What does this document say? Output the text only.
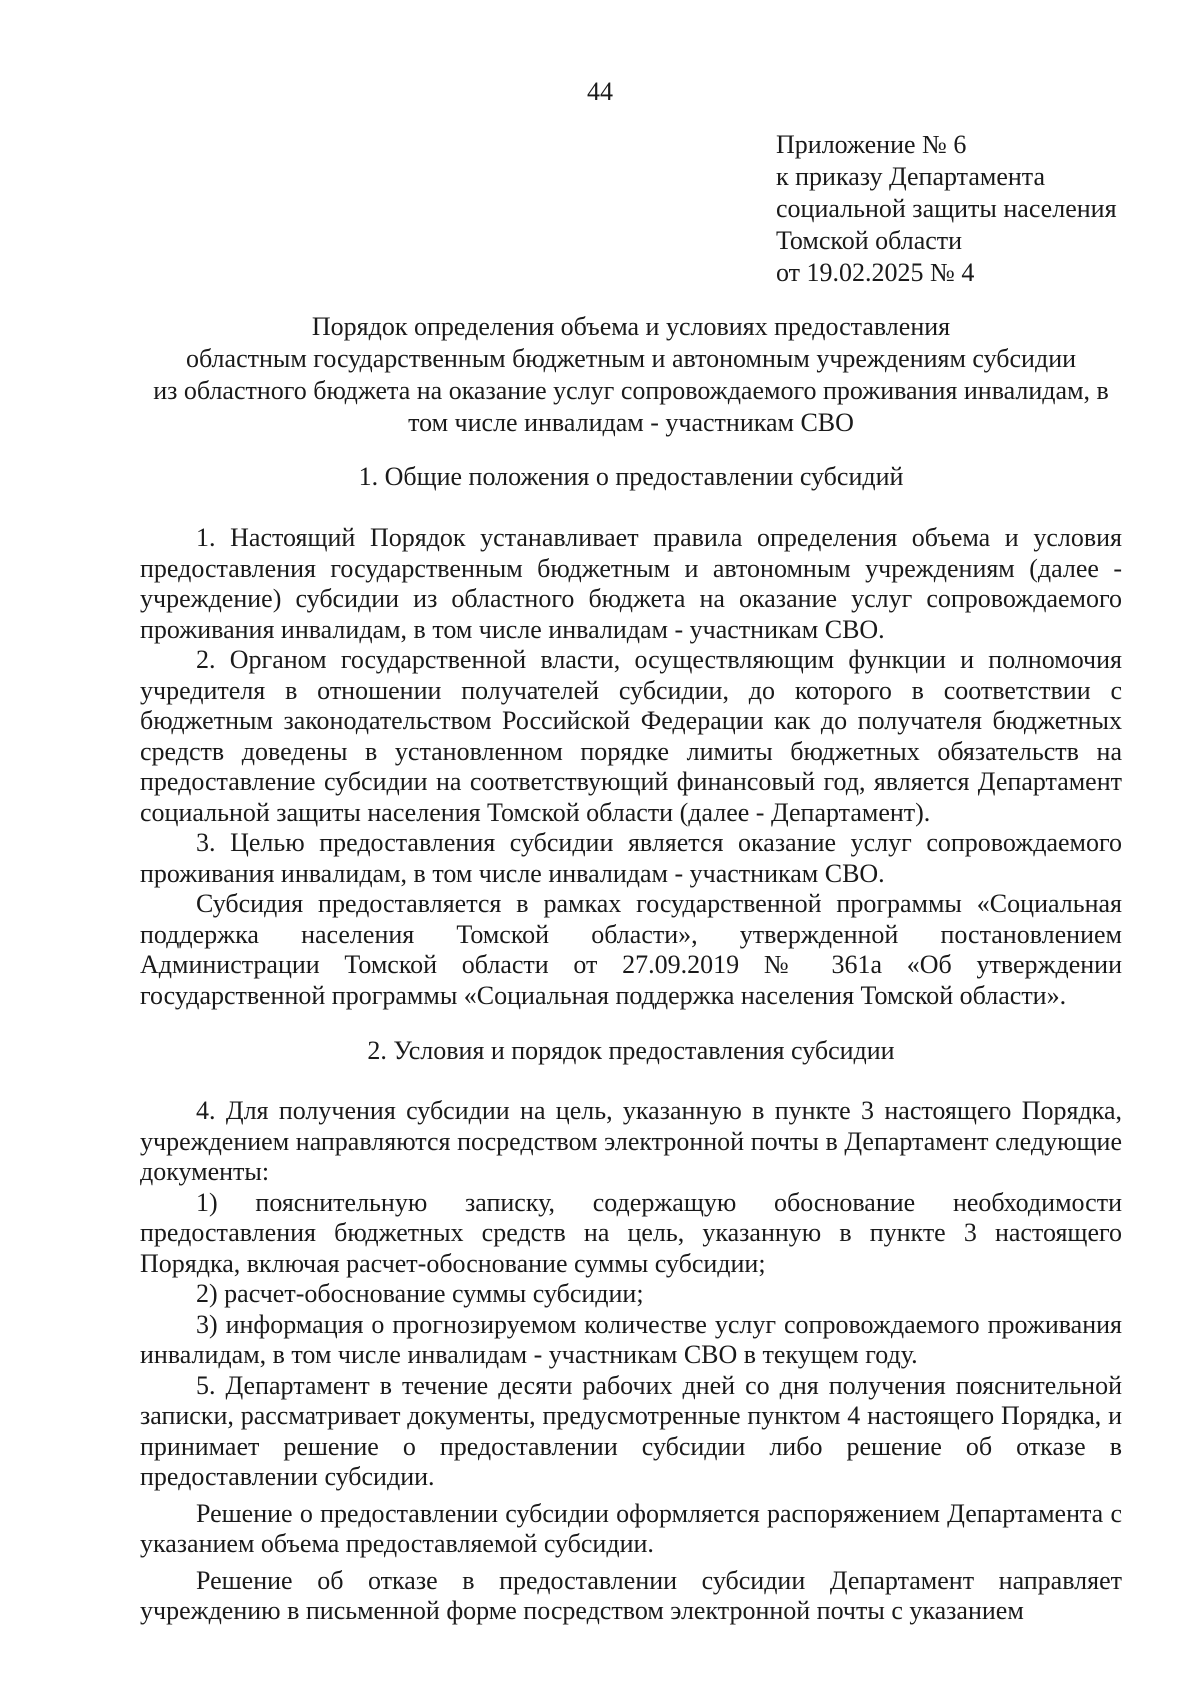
44
Приложение № 6
к приказу Департамента
социальной защиты населения
Томской области
от 19.02.2025 № 4
Порядок определения объема и условиях предоставления
областным государственным бюджетным и автономным учреждениям субсидии
из областного бюджета на оказание услуг сопровождаемого проживания инвалидам, в
том числе инвалидам - участникам СВО
1. Общие положения о предоставлении субсидий

1. Настоящий Порядок устанавливает правила определения объема и условия предоставления государственным бюджетным и автономным учреждениям (далее - учреждение) субсидии из областного бюджета на оказание услуг сопровождаемого проживания инвалидам, в том числе инвалидам - участникам СВО.

2. Органом государственной власти, осуществляющим функции и полномочия учредителя в отношении получателей субсидии, до которого в соответствии с бюджетным законодательством Российской Федерации как до получателя бюджетных средств доведены в установленном порядке лимиты бюджетных обязательств на предоставление субсидии на соответствующий финансовый год, является Департамент социальной защиты населения Томской области (далее - Департамент).

3. Целью предоставления субсидии является оказание услуг сопровождаемого проживания инвалидам, в том числе инвалидам - участникам СВО.

Субсидия предоставляется в рамках государственной программы «Социальная поддержка населения Томской области», утвержденной постановлением Администрации Томской области от 27.09.2019 № 361а «Об утверждении государственной программы «Социальная поддержка населения Томской области».

2. Условия и порядок предоставления субсидии

4. Для получения субсидии на цель, указанную в пункте 3 настоящего Порядка, учреждением направляются посредством электронной почты в Департамент следующие документы:

1) пояснительную записку, содержащую обоснование необходимости предоставления бюджетных средств на цель, указанную в пункте 3 настоящего Порядка, включая расчет-обоснование суммы субсидии;

2) расчет-обоснование суммы субсидии;

3) информация о прогнозируемом количестве услуг сопровождаемого проживания инвалидам, в том числе инвалидам - участникам СВО в текущем году.

5. Департамент в течение десяти рабочих дней со дня получения пояснительной записки, рассматривает документы, предусмотренные пунктом 4 настоящего Порядка, и принимает решение о предоставлении субсидии либо решение об отказе в предоставлении субсидии.

Решение о предоставлении субсидии оформляется распоряжением Департамента с указанием объема предоставляемой субсидии.

Решение об отказе в предоставлении субсидии Департамент направляет учреждению в письменной форме посредством электронной почты с указанием
